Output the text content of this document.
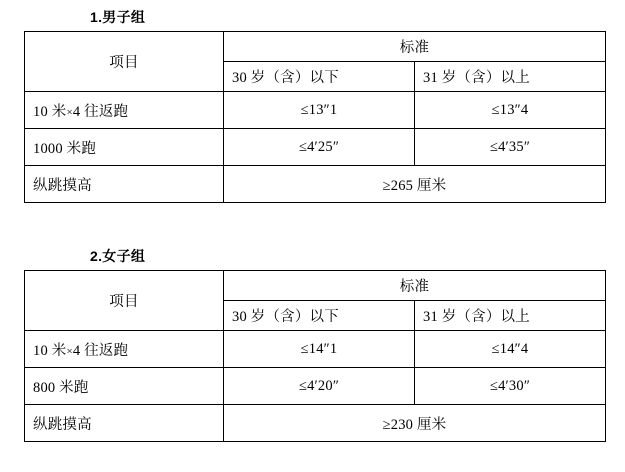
1.男子组
项目	标准	
	30 岁（含）以下	31 岁（含）以上
10 米×4 往返跑	≤13″1	≤13″4
1000 米跑	≤4′25″	≤4′35″
纵跳摸高	≥265 厘米	
2.女子组
项目	标准	
	30 岁（含）以下	31 岁（含）以上
10 米×4 往返跑	≤14″1	≤14″4
800 米跑	≤4′20″	≤4′30″
纵跳摸高	≥230 厘米	
